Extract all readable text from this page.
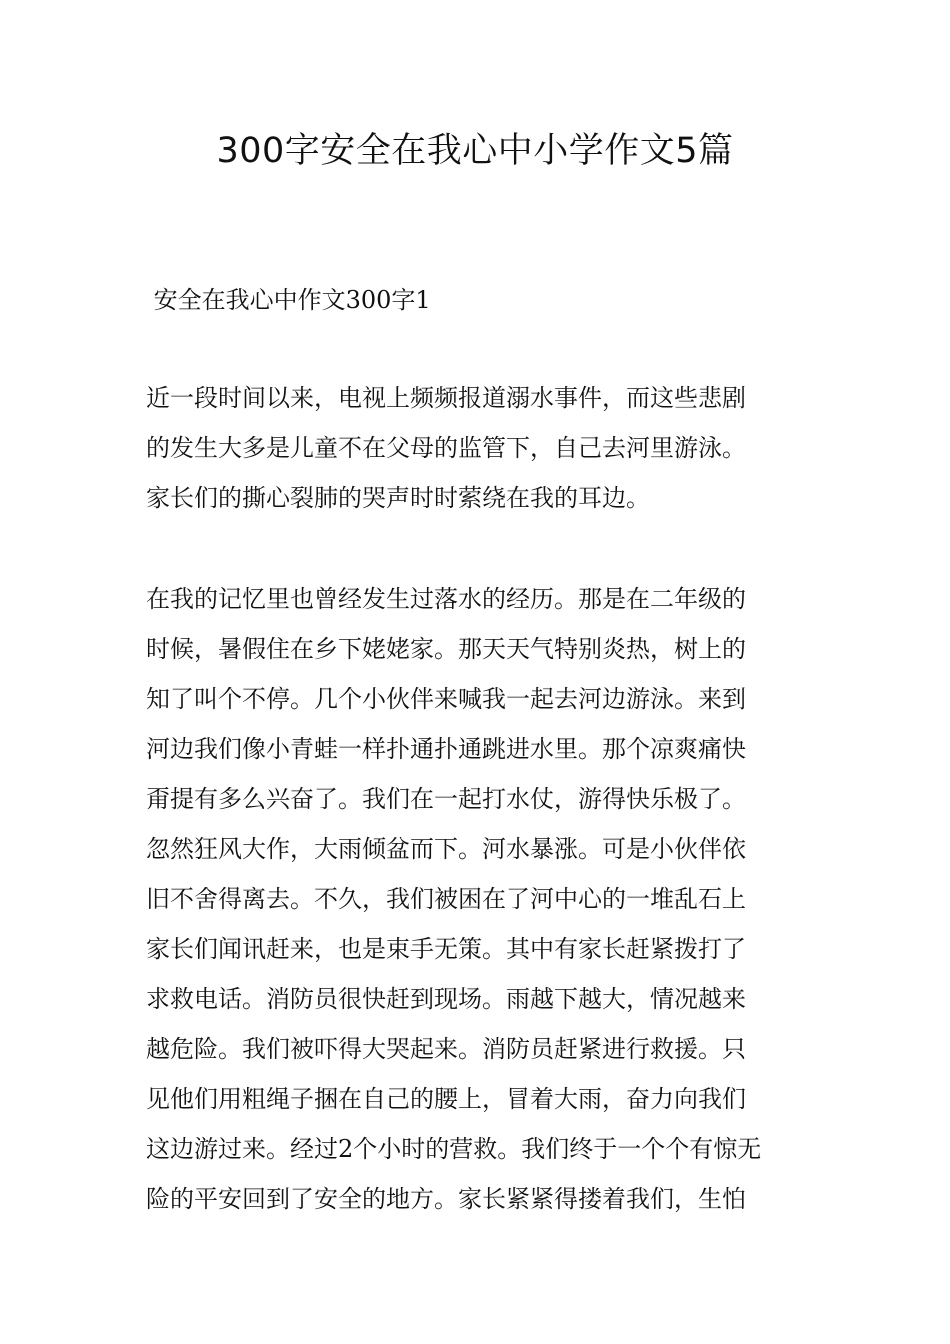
300字安全在我心中小学作文5篇
安全在我心中作文300字1
近一段时间以来，电视上频频报道溺水事件，而这些悲剧
的发生大多是儿童不在父母的监管下，自己去河里游泳。
家长们的撕心裂肺的哭声时时萦绕在我的耳边。
在我的记忆里也曾经发生过落水的经历。那是在二年级的
时候，暑假住在乡下姥姥家。那天天气特别炎热，树上的
知了叫个不停。几个小伙伴来喊我一起去河边游泳。来到
河边我们像小青蛙一样扑通扑通跳进水里。那个凉爽痛快
甭提有多么兴奋了。我们在一起打水仗，游得快乐极了。
忽然狂风大作，大雨倾盆而下。河水暴涨。可是小伙伴依
旧不舍得离去。不久，我们被困在了河中心的一堆乱石上
家长们闻讯赶来，也是束手无策。其中有家长赶紧拨打了
求救电话。消防员很快赶到现场。雨越下越大，情况越来
越危险。我们被吓得大哭起来。消防员赶紧进行救援。只
见他们用粗绳子捆在自己的腰上，冒着大雨，奋力向我们
这边游过来。经过2个小时的营救。我们终于一个个有惊无
险的平安回到了安全的地方。家长紧紧得搂着我们，生怕
